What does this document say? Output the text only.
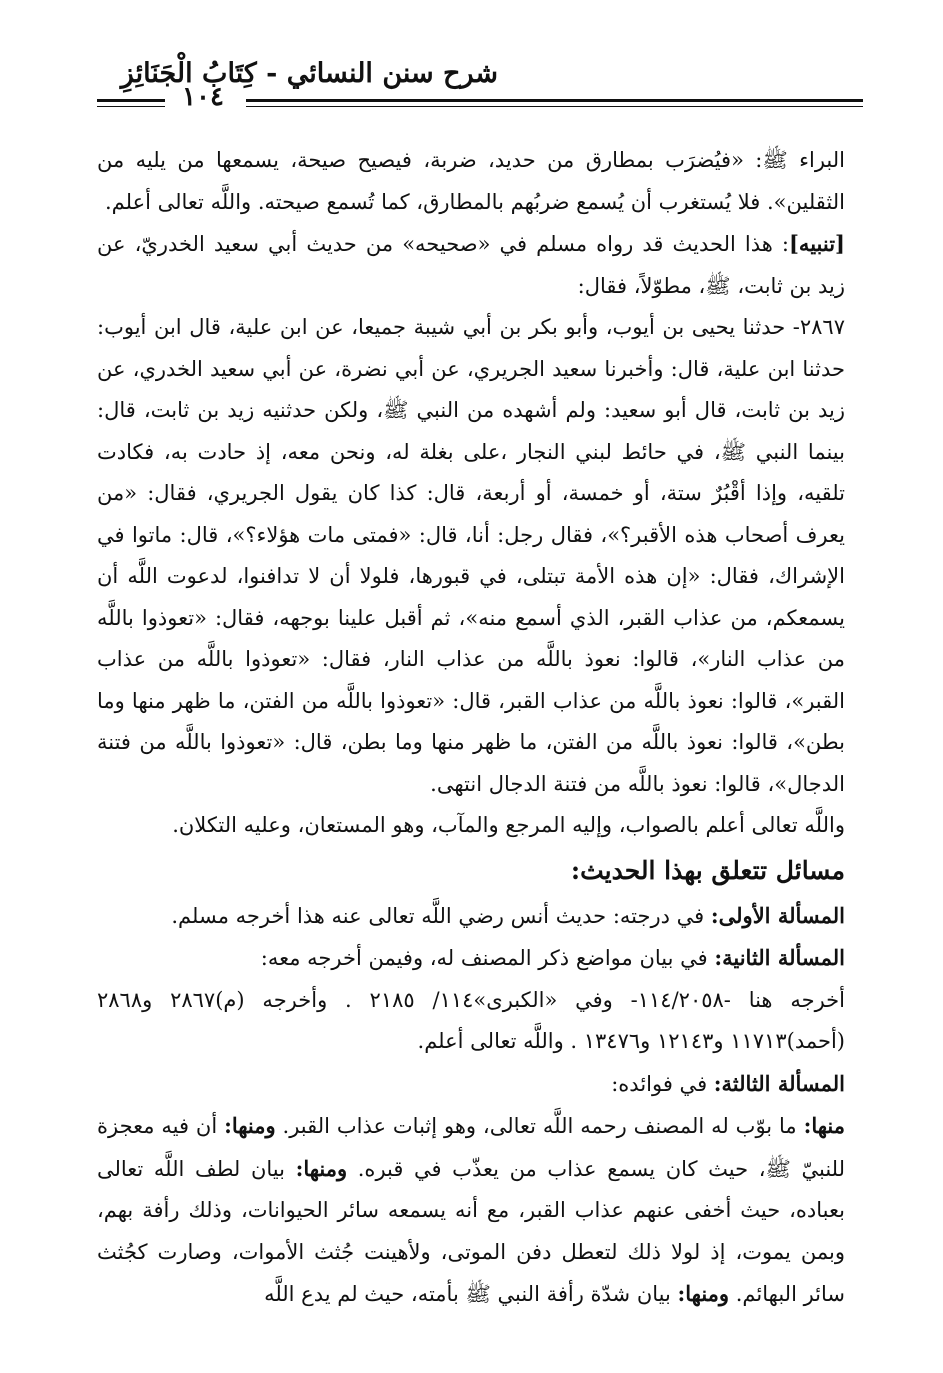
شرح سنن النسائي - كِتَابُ الْجَنَائِزِ
١٠٤

البراء ﷺ: «فيُضرَب بمطارق من حديد، ضربة، فيصيح صيحة، يسمعها من يليه من الثقلين». فلا يُستغرب أن يُسمع ضربُهم بالمطارق، كما تُسمع صيحته. واللَّه تعالى أعلم.

[تنبيه]: هذا الحديث قد رواه مسلم في «صحيحه» من حديث أبي سعيد الخدريّ، عن زيد بن ثابت، ﷺ، مطوّلاً، فقال:

٢٨٦٧- حدثنا يحيى بن أيوب، وأبو بكر بن أبي شيبة جميعا، عن ابن علية، قال ابن أيوب: حدثنا ابن علية، قال: وأخبرنا سعيد الجريري، عن أبي نضرة، عن أبي سعيد الخدري، عن زيد بن ثابت، قال أبو سعيد: ولم أشهده من النبي ﷺ، ولكن حدثنيه زيد بن ثابت، قال: بينما النبي ﷺ، في حائط لبني النجار ،على بغلة له، ونحن معه، إذ حادت به، فكادت تلقيه، وإذا أقْبُرٌ ستة، أو خمسة، أو أربعة، قال: كذا كان يقول الجريري، فقال: «من يعرف أصحاب هذه الأقبر؟»، فقال رجل: أنا، قال: «فمتى مات هؤلاء؟»، قال: ماتوا في الإشراك، فقال: «إن هذه الأمة تبتلى، في قبورها، فلولا أن لا تدافنوا، لدعوت اللَّه أن يسمعكم، من عذاب القبر، الذي أسمع منه»، ثم أقبل علينا بوجهه، فقال: «تعوذوا باللَّه من عذاب النار»، قالوا: نعوذ باللَّه من عذاب النار، فقال: «تعوذوا باللَّه من عذاب القبر»، قالوا: نعوذ باللَّه من عذاب القبر، قال: «تعوذوا باللَّه من الفتن، ما ظهر منها وما بطن»، قالوا: نعوذ باللَّه من الفتن، ما ظهر منها وما بطن، قال: «تعوذوا باللَّه من فتنة الدجال»، قالوا: نعوذ باللَّه من فتنة الدجال انتهى.

واللَّه تعالى أعلم بالصواب، وإليه المرجع والمآب، وهو المستعان، وعليه التكلان.

مسائل تتعلق بهذا الحديث:

المسألة الأولى: في درجته: حديث أنس رضي اللَّه تعالى عنه هذا أخرجه مسلم.

المسألة الثانية: في بيان مواضع ذكر المصنف له، وفيمن أخرجه معه:

أخرجه هنا -١١٤/٢٠٥٨- وفي «الكبرى»١١٤/ ٢١٨٥ . وأخرجه (م)٢٨٦٧ و٢٨٦٨ (أحمد)١١٧١٣ و١٢١٤٣ و١٣٤٧٦ . واللَّه تعالى أعلم.

المسألة الثالثة: في فوائده:

منها: ما بوّب له المصنف رحمه اللَّه تعالى، وهو إثبات عذاب القبر. ومنها: أن فيه معجزة للنبيّ ﷺ، حيث كان يسمع عذاب من يعذّب في قبره. ومنها: بيان لطف اللَّه تعالى بعباده، حيث أخفى عنهم عذاب القبر، مع أنه يسمعه سائر الحيوانات، وذلك رأفة بهم، وبمن يموت، إذ لولا ذلك لتعطل دفن الموتى، ولأهينت جُثث الأموات، وصارت كجُثث سائر البهائم. ومنها: بيان شدّة رأفة النبي ﷺ بأمته، حيث لم يدع اللَّه
